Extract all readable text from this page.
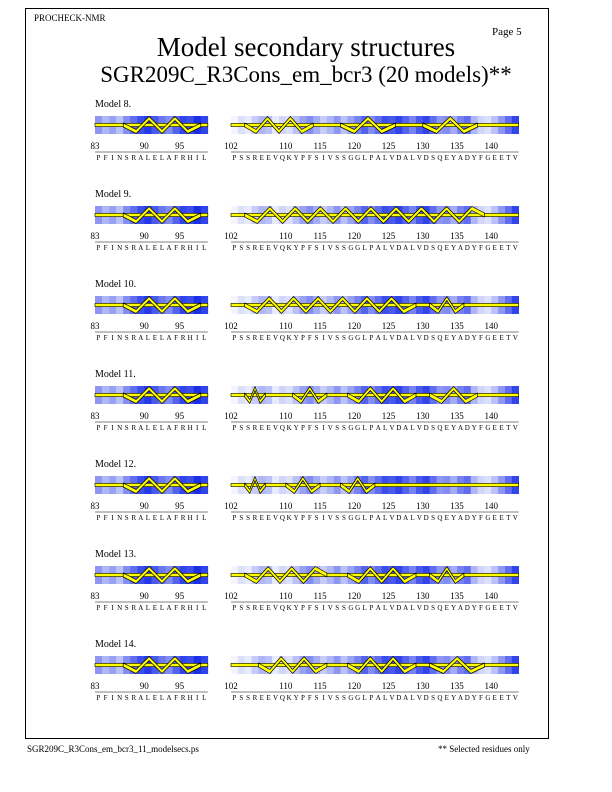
PROCHECK-NMR
Page 5
Model secondary structures
SGR209C_R3Cons_em_bcr3 (20 models)**
Model 8.
83	90	95
P F I N S R A L E L A F R H I L
102	110 115 120 125 130 135 140
P S S R E E V Q K Y P F S I V S S G G L P A L V D A L V D S Q E Y A D Y F G E E T V
Model 9.
83	90	95
P F I N S R A L E L A F R H I L
102	110 115 120 125 130 135 140
P S S R E E V Q K Y P F S I V S S G G L P A L V D A L V D S Q E Y A D Y F G E E T V
Model 10.
83	90	95
P F I N S R A L E L A F R H I L
102	110 115 120 125 130 135 140
P S S R E E V Q K Y P F S I V S S G G L P A L V D A L V D S Q E Y A D Y F G E E T V
Model 11.
83	90	95
P F I N S R A L E L A F R H I L
102	110 115 120 125 130 135 140
P S S R E E V Q K Y P F S I V S S G G L P A L V D A L V D S Q E Y A D Y F G E E T V
Model 12.
83	90	95
P F I N S R A L E L A F R H I L
102	110 115 120 125 130 135 140
P S S R E E V Q K Y P F S I V S S G G L P A L V D A L V D S Q E Y A D Y F G E E T V
Model 13.
83	90	95
P F I N S R A L E L A F R H I L
102	110 115 120 125 130 135 140
P S S R E E V Q K Y P F S I V S S G G L P A L V D A L V D S Q E Y A D Y F G E E T V
Model 14.
83	90	95
P F I N S R A L E L A F R H I L
102	110 115 120 125 130 135 140
P S S R E E V Q K Y P F S I V S S G G L P A L V D A L V D S Q E Y A D Y F G E E T V
SGR209C_R3Cons_em_bcr3_11_modelsecs.ps	** Selected residues only
